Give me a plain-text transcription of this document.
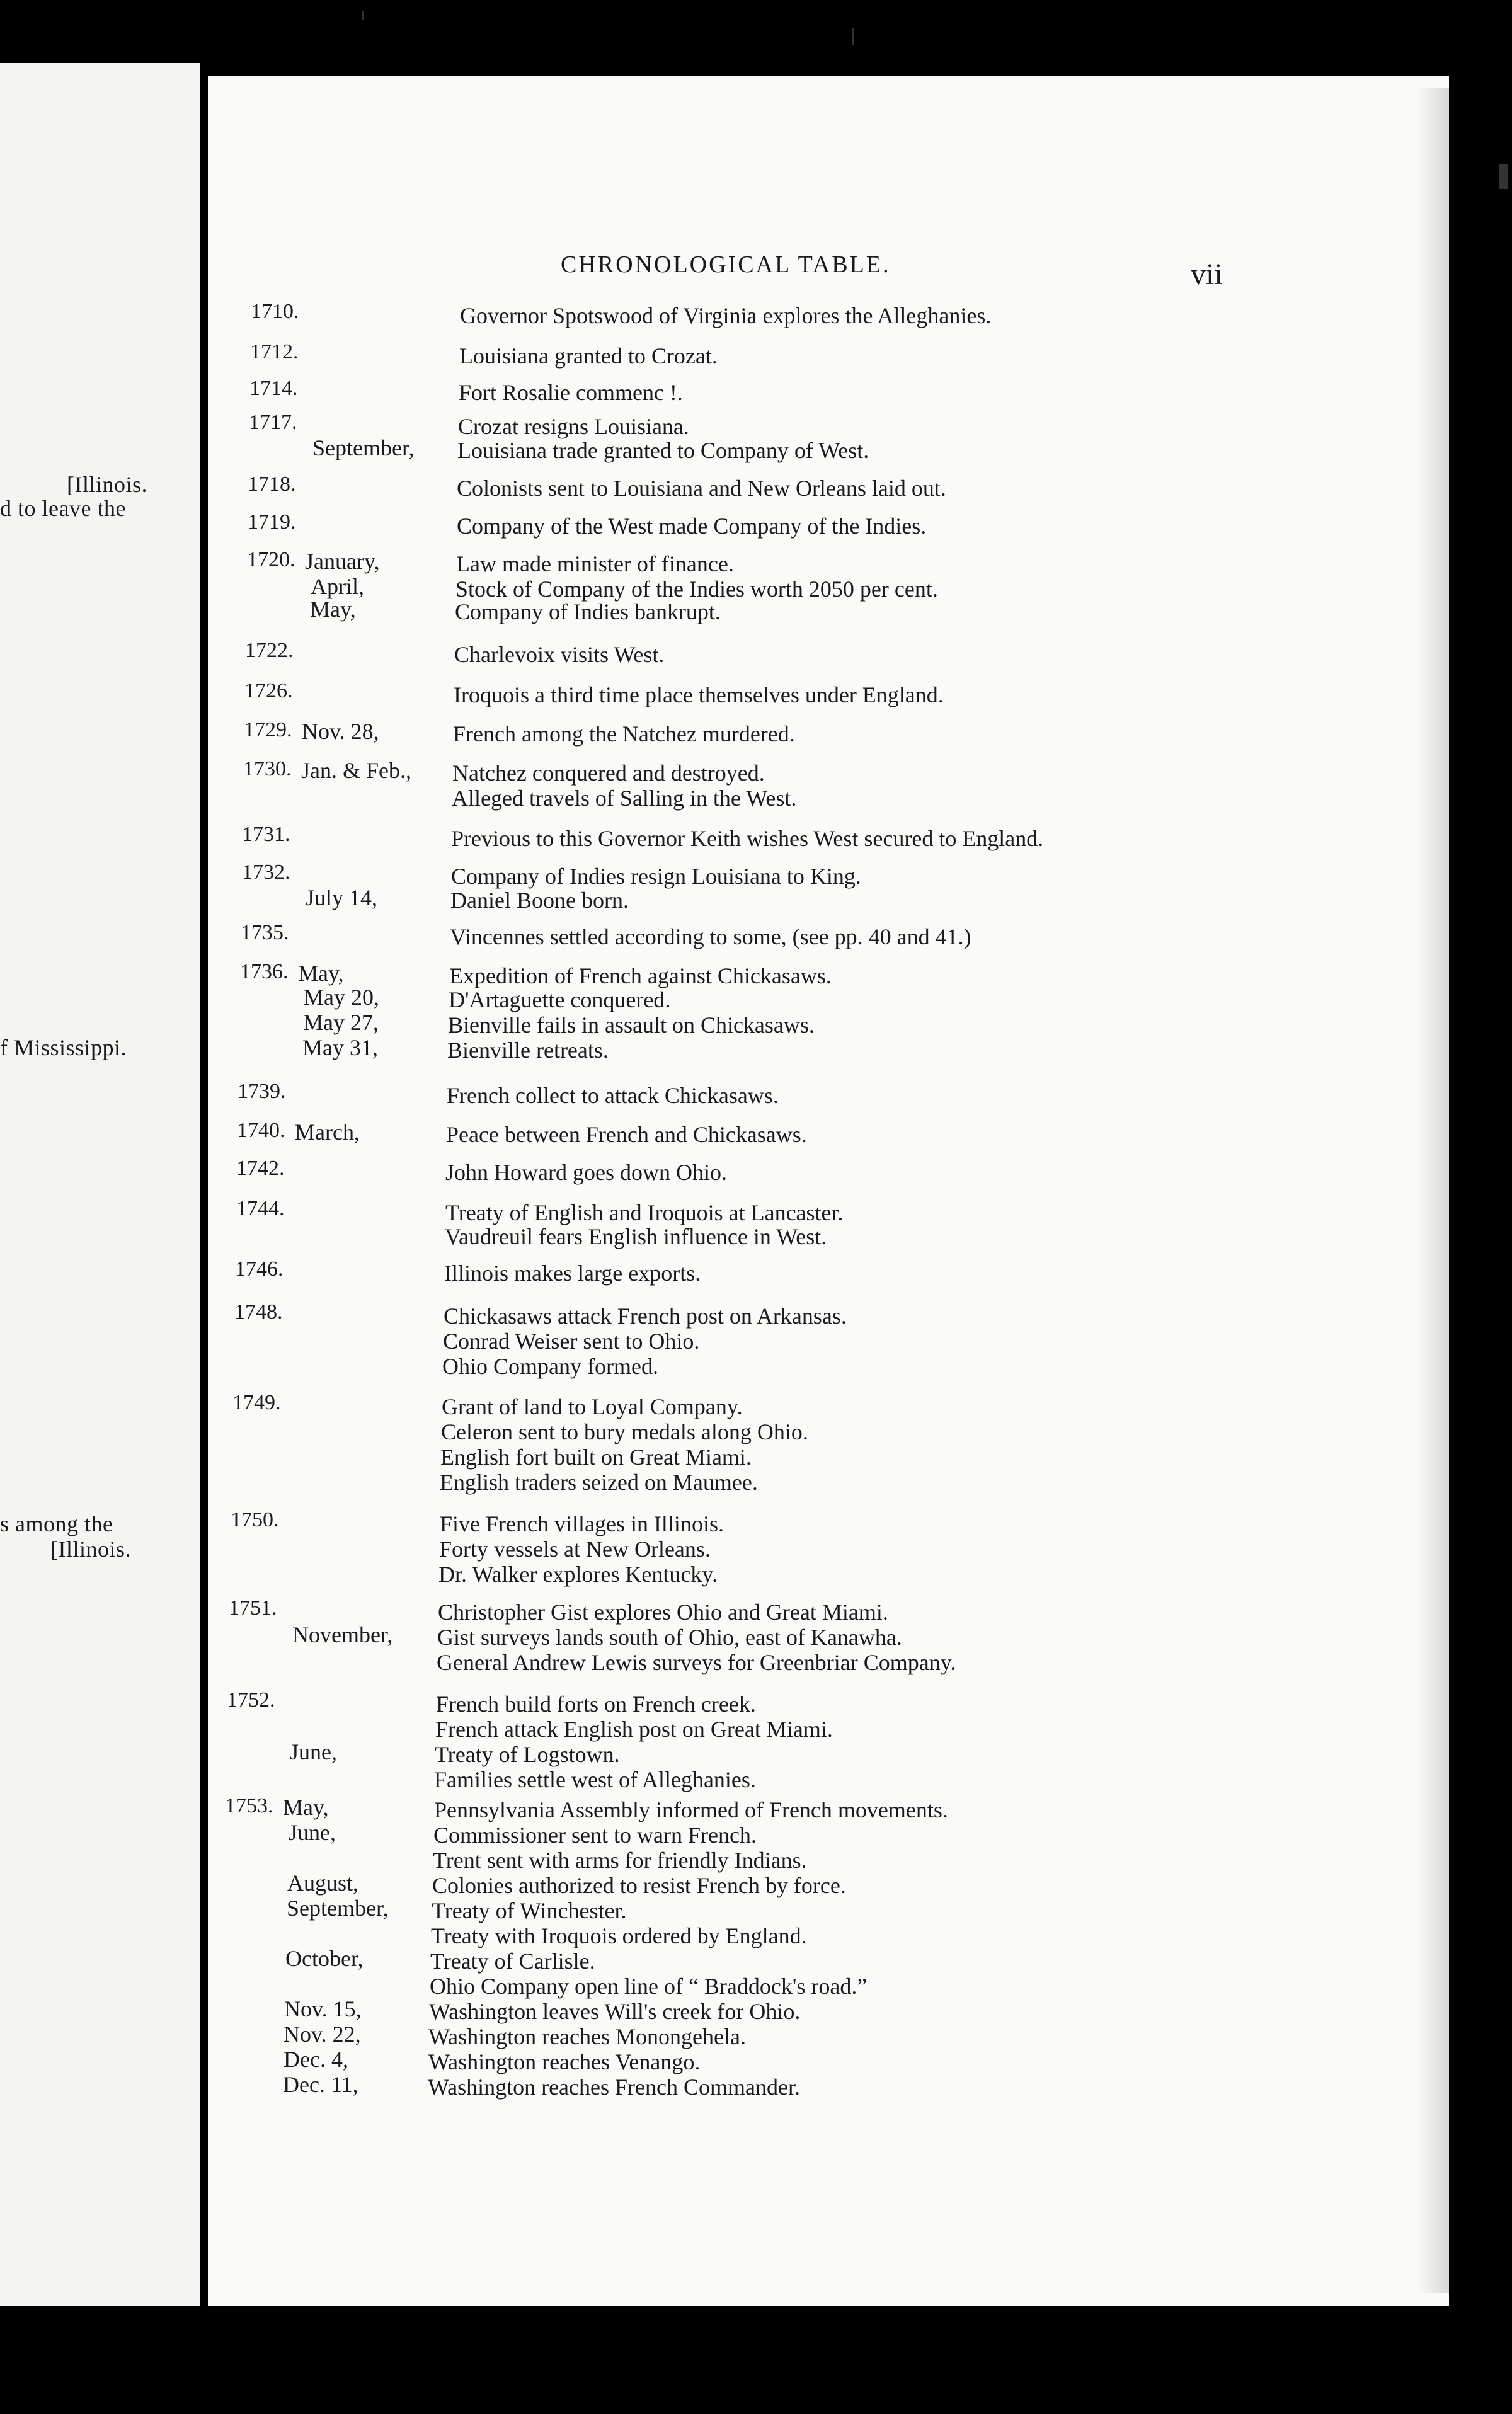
[Illinois.
d to leave the
f Mississippi.
s among the
[Illinois.
CHRONOLOGICAL TABLE.	vii
1710.	Governor Spotswood of Virginia explores the Alleghanies.
1712.	Louisiana granted to Crozat.
1714.	Fort Rosalie commenc !.
1717.	Crozat resigns Louisiana.
September, Louisiana trade granted to Company of West.
1718.	Colonists sent to Louisiana and New Orleans laid out.
1719.	Company of the West made Company of the Indies.
1720. January,	Law made minister of finance.
April,	Stock of Company of the Indies worth 2050 per cent.
May,	Company of Indies bankrupt.
1722.	Charlevoix visits West.
1726.	Iroquois a third time place themselves under England.
1729. Nov. 28,	French among the Natchez murdered.
1730. Jan. & Feb., Natchez conquered and destroyed.
Alleged travels of Salling in the West.
1731.	Previous to this Governor Keith wishes West secured to England.
1732.	Company of Indies resign Louisiana to King.
July 14,	Daniel Boone born.
1735.	Vincennes settled according to some, (see pp. 40 and 41.)
1736. May,	Expedition of French against Chickasaws.
May 20,	D'Artaguette conquered.
May 27,	Bienville fails in assault on Chickasaws.
May 31,	Bienville retreats.
1739.	French collect to attack Chickasaws.
1740. March,	Peace between French and Chickasaws.
1742.	John Howard goes down Ohio.
1744.	Treaty of English and Iroquois at Lancaster.
Vaudreuil fears English influence in West.
1746.	Illinois makes large exports.
1748.	Chickasaws attack French post on Arkansas.
Conrad Weiser sent to Ohio.
Ohio Company formed.
1749.	Grant of land to Loyal Company.
Celeron sent to bury medals along Ohio.
English fort built on Great Miami.
English traders seized on Maumee.
1750.	Five French villages in Illinois.
Forty vessels at New Orleans.
Dr. Walker explores Kentucky.
1751.	Christopher Gist explores Ohio and Great Miami.
November, Gist surveys lands south of Ohio, east of Kanawha.
General Andrew Lewis surveys for Greenbriar Company.
1752.	French build forts on French creek.
French attack English post on Great Miami.
June,	Treaty of Logstown.
Families settle west of Alleghanies.
1753. May,	Pennsylvania Assembly informed of French movements.
June,	Commissioner sent to warn French.
Trent sent with arms for friendly Indians.
August,	Colonies authorized to resist French by force.
September, Treaty of Winchester.
Treaty with Iroquois ordered by England.
October,	Treaty of Carlisle.
Ohio Company open line of “ Braddock's road.”
Nov. 15,	Washington leaves Will's creek for Ohio.
Nov. 22,	Washington reaches Monongehela.
Dec. 4,	Washington reaches Venango.
Dec. 11,	Washington reaches French Commander.
